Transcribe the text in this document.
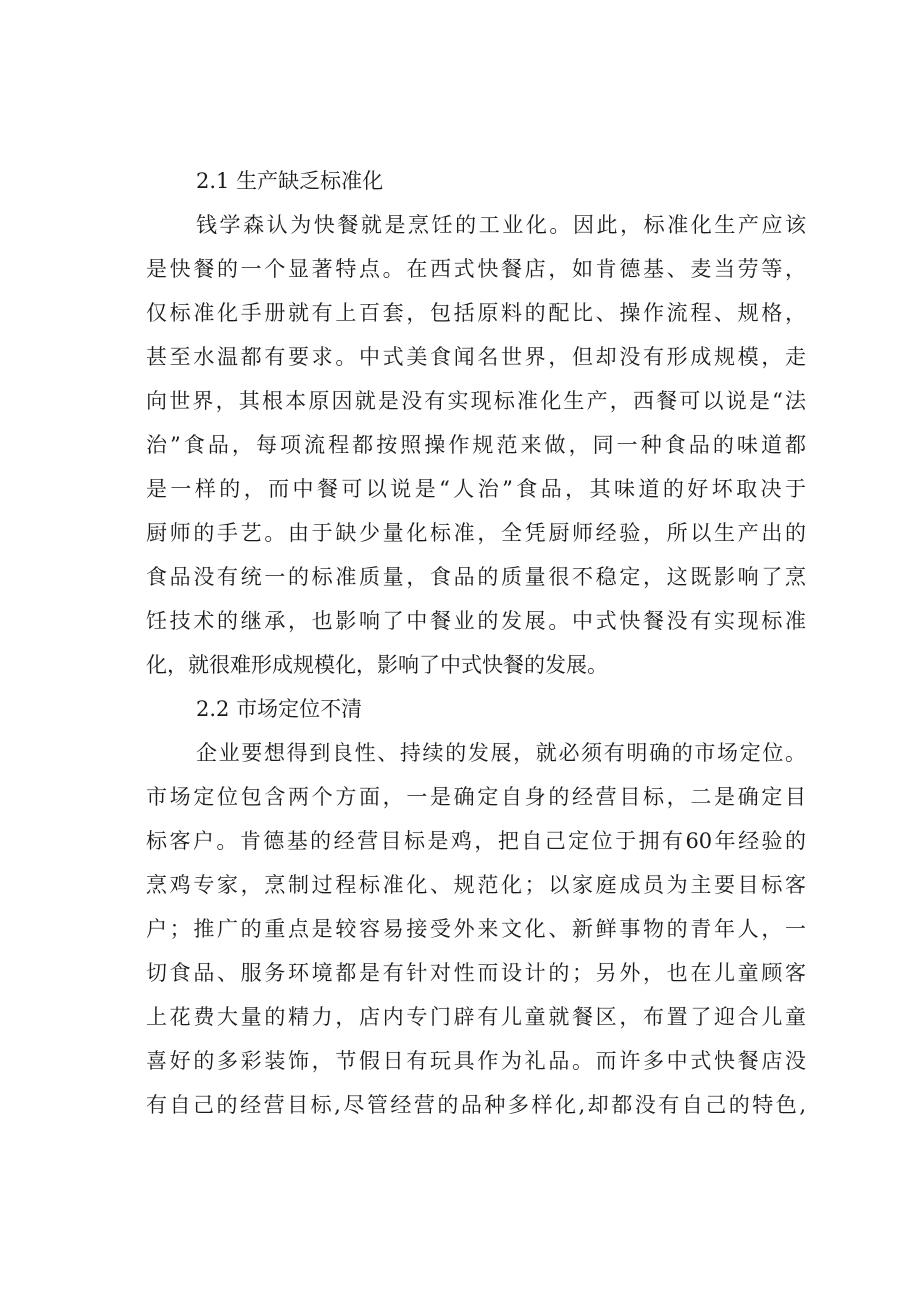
2.1 生产缺乏标准化
钱学森认为快餐就是烹饪的工业化。因此，标准化生产应该
是快餐的一个显著特点。在西式快餐店，如肯德基、麦当劳等，
仅标准化手册就有上百套，包括原料的配比、操作流程、规格，
甚至水温都有要求。中式美食闻名世界，但却没有形成规模，走
向世界，其根本原因就是没有实现标准化生产，西餐可以说是“法
治”食品，每项流程都按照操作规范来做，同一种食品的味道都
是一样的，而中餐可以说是“人治”食品，其味道的好坏取决于
厨师的手艺。由于缺少量化标准，全凭厨师经验，所以生产出的
食品没有统一的标准质量，食品的质量很不稳定，这既影响了烹
饪技术的继承，也影响了中餐业的发展。中式快餐没有实现标准
化，就很难形成规模化，影响了中式快餐的发展。
2.2 市场定位不清
企业要想得到良性、持续的发展，就必须有明确的市场定位。
市场定位包含两个方面，一是确定自身的经营目标，二是确定目
标客户。肯德基的经营目标是鸡，把自己定位于拥有60年经验的
烹鸡专家，烹制过程标准化、规范化；以家庭成员为主要目标客
户；推广的重点是较容易接受外来文化、新鲜事物的青年人，一
切食品、服务环境都是有针对性而设计的；另外，也在儿童顾客
上花费大量的精力，店内专门辟有儿童就餐区，布置了迎合儿童
喜好的多彩装饰，节假日有玩具作为礼品。而许多中式快餐店没
有自己的经营目标,尽管经营的品种多样化,却都没有自己的特色,
